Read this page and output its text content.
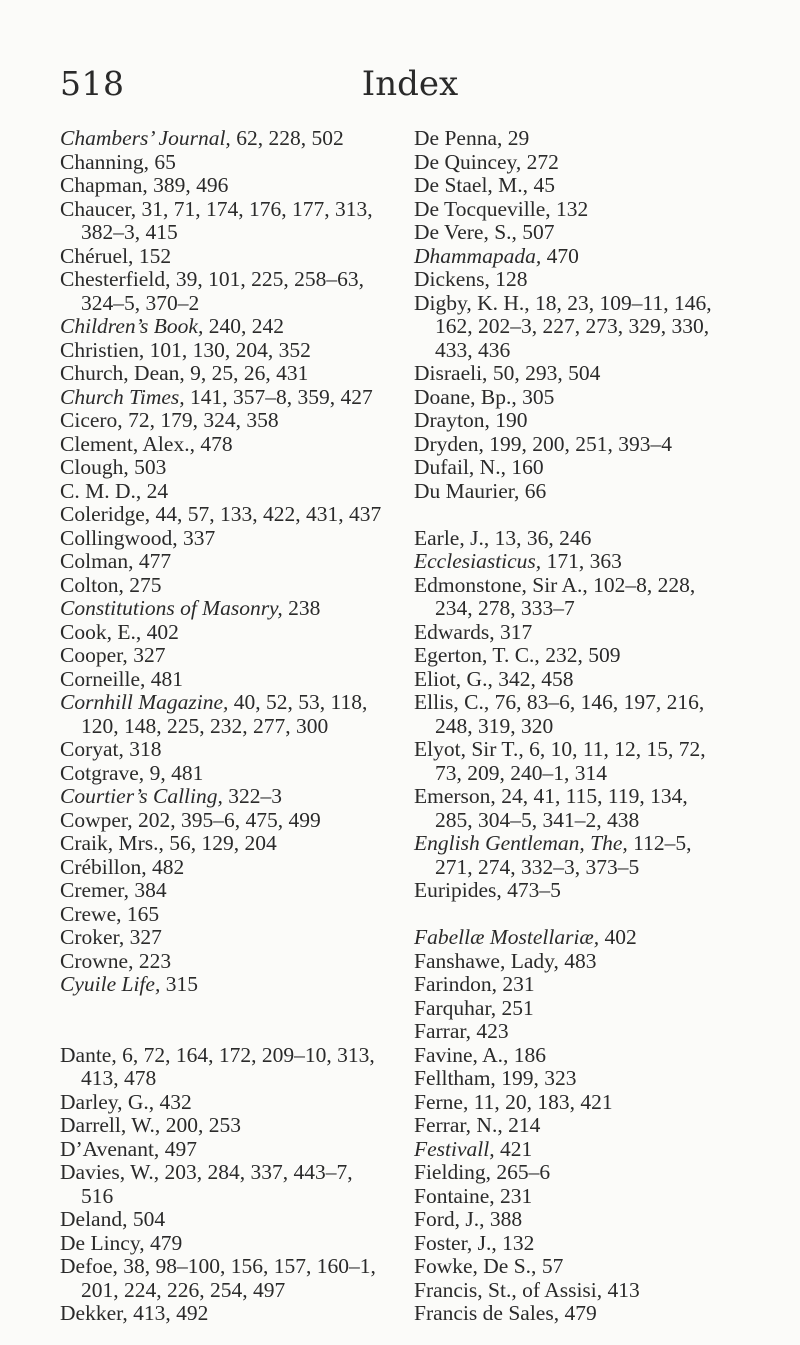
518	Index
Chambers’ Journal, 62, 228, 502
Channing, 65
Chapman, 389, 496
Chaucer, 31, 71, 174, 176, 177, 313,
382–3, 415
Chéruel, 152
Chesterfield, 39, 101, 225, 258–63,
324–5, 370–2
Children’s Book, 240, 242
Christien, 101, 130, 204, 352
Church, Dean, 9, 25, 26, 431
Church Times, 141, 357–8, 359, 427
Cicero, 72, 179, 324, 358
Clement, Alex., 478
Clough, 503
C. M. D., 24
Coleridge, 44, 57, 133, 422, 431, 437
Collingwood, 337
Colman, 477
Colton, 275
Constitutions of Masonry, 238
Cook, E., 402
Cooper, 327
Corneille, 481
Cornhill Magazine, 40, 52, 53, 118,
120, 148, 225, 232, 277, 300
Coryat, 318
Cotgrave, 9, 481
Courtier’s Calling, 322–3
Cowper, 202, 395–6, 475, 499
Craik, Mrs., 56, 129, 204
Crébillon, 482
Cremer, 384
Crewe, 165
Croker, 327
Crowne, 223
Cyuile Life, 315
Dante, 6, 72, 164, 172, 209–10, 313,
413, 478
Darley, G., 432
Darrell, W., 200, 253
D’Avenant, 497
Davies, W., 203, 284, 337, 443–7,
516
Deland, 504
De Lincy, 479
Defoe, 38, 98–100, 156, 157, 160–1,
201, 224, 226, 254, 497
Dekker, 413, 492
De Penna, 29
De Quincey, 272
De Stael, M., 45
De Tocqueville, 132
De Vere, S., 507
Dhammapada, 470
Dickens, 128
Digby, K. H., 18, 23, 109–11, 146,
162, 202–3, 227, 273, 329, 330,
433, 436
Disraeli, 50, 293, 504
Doane, Bp., 305
Drayton, 190
Dryden, 199, 200, 251, 393–4
Dufail, N., 160
Du Maurier, 66
Earle, J., 13, 36, 246
Ecclesiasticus, 171, 363
Edmonstone, Sir A., 102–8, 228,
234, 278, 333–7
Edwards, 317
Egerton, T. C., 232, 509
Eliot, G., 342, 458
Ellis, C., 76, 83–6, 146, 197, 216,
248, 319, 320
Elyot, Sir T., 6, 10, 11, 12, 15, 72,
73, 209, 240–1, 314
Emerson, 24, 41, 115, 119, 134,
285, 304–5, 341–2, 438
English Gentleman, The, 112–5,
271, 274, 332–3, 373–5
Euripides, 473–5
Fabellæ Mostellariæ, 402
Fanshawe, Lady, 483
Farindon, 231
Farquhar, 251
Farrar, 423
Favine, A., 186
Felltham, 199, 323
Ferne, 11, 20, 183, 421
Ferrar, N., 214
Festivall, 421
Fielding, 265–6
Fontaine, 231
Ford, J., 388
Foster, J., 132
Fowke, De S., 57
Francis, St., of Assisi, 413
Francis de Sales, 479
